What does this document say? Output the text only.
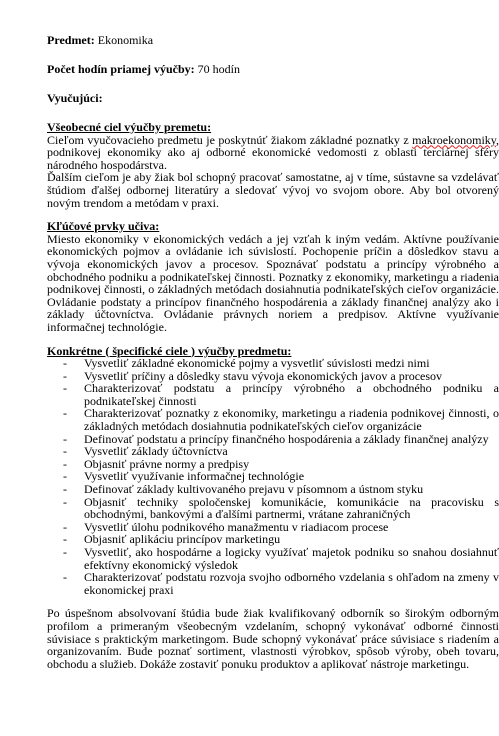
Predmet: Ekonomika

Počet hodín priamej výučby: 70 hodín

Vyučujúci:

Všeobecné ciel výučby premetu:

Cieľom vyučovacieho predmetu je poskytnúť žiakom základné poznatky z makroekonomiky, podnikovej ekonomiky ako aj odborné ekonomické vedomosti z oblasti terciárnej sféry národného hospodárstva.

Ďalším cieľom je aby žiak bol schopný pracovať samostatne, aj v tíme, sústavne sa vzdelávať štúdiom ďalšej odbornej literatúry a sledovať vývoj vo svojom obore. Aby bol otvorený novým trendom a metódam v praxi.

Kľúčové prvky učiva:

Miesto ekonomiky v ekonomických vedách a jej vzťah k iným vedám. Aktívne používanie ekonomických pojmov a ovládanie ich súvislostí. Pochopenie príčin a dôsledkov stavu a vývoja ekonomických javov a procesov. Spoznávať podstatu a princípy výrobného a obchodného podniku a podnikateľskej činnosti. Poznatky z ekonomiky, marketingu a riadenia podnikovej činnosti, o základných metódach dosiahnutia podnikateľských cieľov organizácie. Ovládanie podstaty a princípov finančného hospodárenia a základy finančnej analýzy ako i základy účtovníctva. Ovládanie právnych noriem a predpisov. Aktívne využívanie informačnej technológie.

Konkrétne ( špecifické ciele ) výučby predmetu:

- Vysvetliť základné ekonomické pojmy a vysvetliť súvislosti medzi nimi
- Vysvetliť príčiny a dôsledky stavu vývoja ekonomických javov a procesov
- Charakterizovať podstatu a princípy výrobného a obchodného podniku a podnikateľskej činnosti
- Charakterizovať poznatky z ekonomiky, marketingu a riadenia podnikovej činnosti, o základných metódach dosiahnutia podnikateľských cieľov organizácie
- Definovať podstatu a princípy finančného hospodárenia a základy finančnej analýzy
- Vysvetliť základy účtovníctva
- Objasniť právne normy a predpisy
- Vysvetliť využívanie informačnej technológie
- Definovať základy kultivovaného prejavu v písomnom a ústnom styku
- Objasniť techniky spoločenskej komunikácie, komunikácie na pracovisku s obchodnými, bankovými a ďalšími partnermi, vrátane zahraničných
- Vysvetliť úlohu podnikového manažmentu v riadiacom procese
- Objasniť aplikáciu princípov marketingu
- Vysvetliť, ako hospodárne a logicky využívať majetok podniku so snahou dosiahnuť efektívny ekonomický výsledok
- Charakterizovať podstatu rozvoja svojho odborného vzdelania s ohľadom na zmeny v ekonomickej praxi

Po úspešnom absolvovaní štúdia bude žiak kvalifikovaný odborník so širokým odborným profilom a primeraným všeobecným vzdelaním, schopný vykonávať odborné činnosti súvisiace s praktickým marketingom. Bude schopný vykonávať práce súvisiace s riadením a organizovaním. Bude poznať sortiment, vlastnosti výrobkov, spôsob výroby, obeh tovaru, obchodu a služieb. Dokáže zostaviť ponuku produktov a aplikovať nástroje marketingu.
